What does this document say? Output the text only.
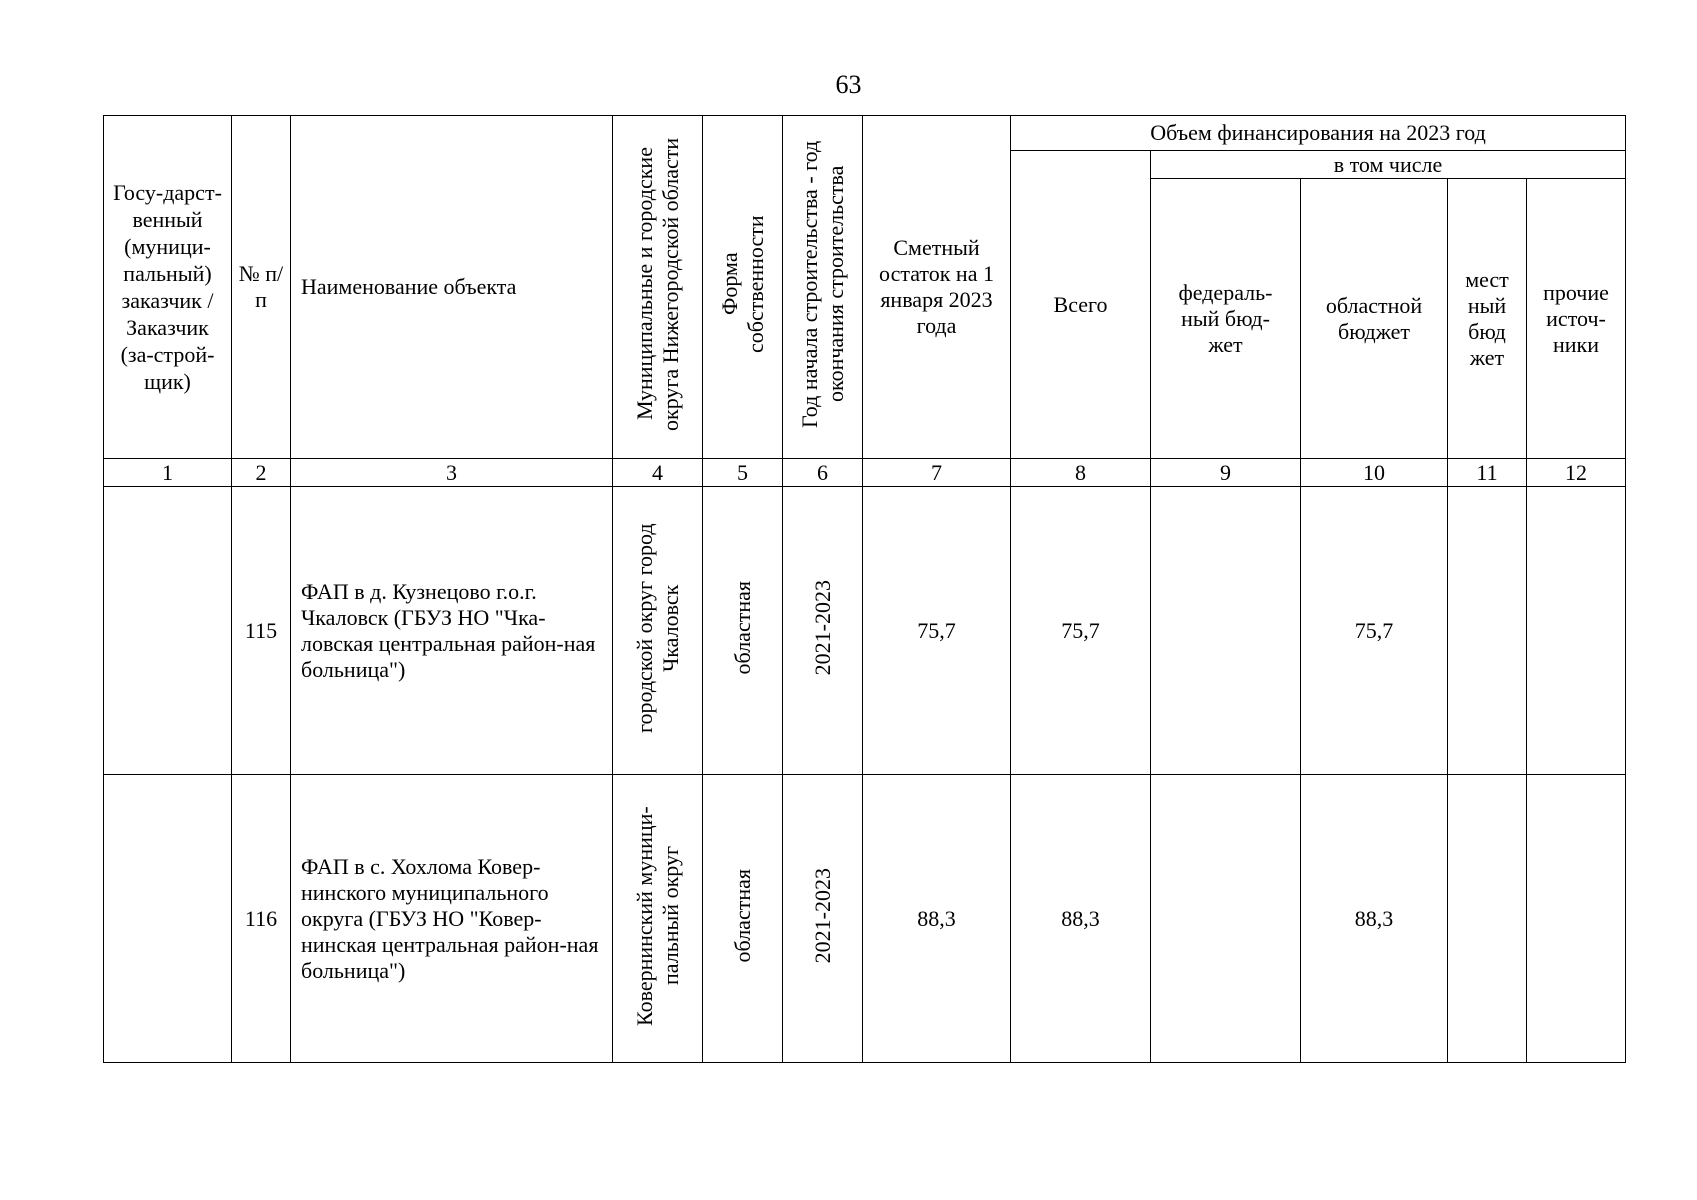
63
Госу-дарст-венный (муници-пальный) заказчик / Заказчик (за-строй-щик)	№ п/п	Наименование объекта	Муниципальные и городские округа Нижегородской области	Форма собственности	Год начала строительства - год окончания строительства	Сметный остаток на 1 января 2023 года	Объем финансирования на 2023 год				
							Всего	в том числе			
								федераль-ный бюд-жет	областной бюджет	мест ный бюд жет	прочие источ-ники
1	2	3	4	5	6	7	8	9	10	11	12
	115	ФАП в д. Кузнецово г.о.г. Чкаловск (ГБУЗ НО "Чка-ловская центральная район-ная больница")	городской округ город Чкаловск	областная	2021-2023	75,7	75,7		75,7		
	116	ФАП в с. Хохлома Ковер-нинского муниципального округа (ГБУЗ НО "Ковер-нинская центральная район-ная больница")	Ковернинский муници-пальный округ	областная	2021-2023	88,3	88,3		88,3		
